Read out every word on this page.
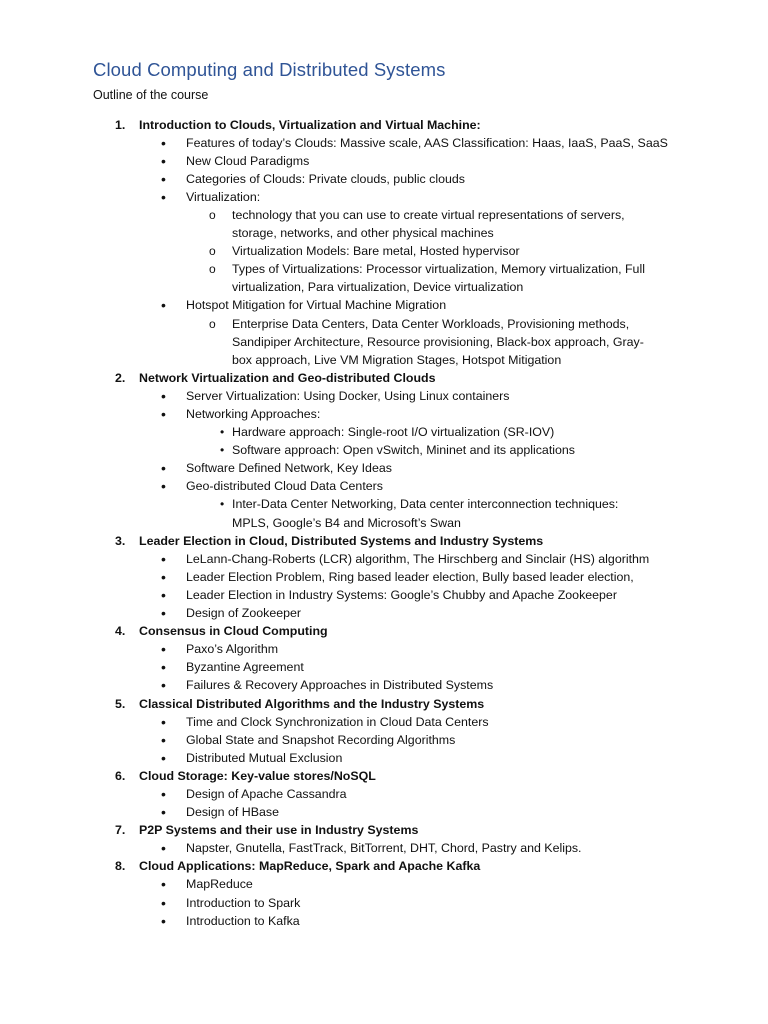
Cloud Computing and Distributed Systems
Outline of the course
1. Introduction to Clouds, Virtualization and Virtual Machine:
• Features of today’s Clouds: Massive scale, AAS Classification: Haas, IaaS, PaaS, SaaS
• New Cloud Paradigms
• Categories of Clouds: Private clouds, public clouds
• Virtualization:
o technology that you can use to create virtual representations of servers,
storage, networks, and other physical machines
o Virtualization Models: Bare metal, Hosted hypervisor
o Types of Virtualizations: Processor virtualization, Memory virtualization, Full
virtualization, Para virtualization, Device virtualization
• Hotspot Mitigation for Virtual Machine Migration
o Enterprise Data Centers, Data Center Workloads, Provisioning methods,
Sandipiper Architecture, Resource provisioning, Black-box approach, Gray-
box approach, Live VM Migration Stages, Hotspot Mitigation
2. Network Virtualization and Geo-distributed Clouds
• Server Virtualization: Using Docker, Using Linux containers
• Networking Approaches:
• Hardware approach: Single-root I/O virtualization (SR-IOV)
• Software approach: Open vSwitch, Mininet and its applications
• Software Defined Network, Key Ideas
• Geo-distributed Cloud Data Centers
• Inter-Data Center Networking, Data center interconnection techniques:
MPLS, Google’s B4 and Microsoft’s Swan
3. Leader Election in Cloud, Distributed Systems and Industry Systems
• LeLann-Chang-Roberts (LCR) algorithm, The Hirschberg and Sinclair (HS) algorithm
• Leader Election Problem, Ring based leader election, Bully based leader election,
• Leader Election in Industry Systems: Google’s Chubby and Apache Zookeeper
• Design of Zookeeper
4. Consensus in Cloud Computing
• Paxo’s Algorithm
• Byzantine Agreement
• Failures & Recovery Approaches in Distributed Systems
5. Classical Distributed Algorithms and the Industry Systems
• Time and Clock Synchronization in Cloud Data Centers
• Global State and Snapshot Recording Algorithms
• Distributed Mutual Exclusion
6. Cloud Storage: Key-value stores/NoSQL
• Design of Apache Cassandra
• Design of HBase
7. P2P Systems and their use in Industry Systems
• Napster, Gnutella, FastTrack, BitTorrent, DHT, Chord, Pastry and Kelips.
8. Cloud Applications: MapReduce, Spark and Apache Kafka
• MapReduce
• Introduction to Spark
• Introduction to Kafka
